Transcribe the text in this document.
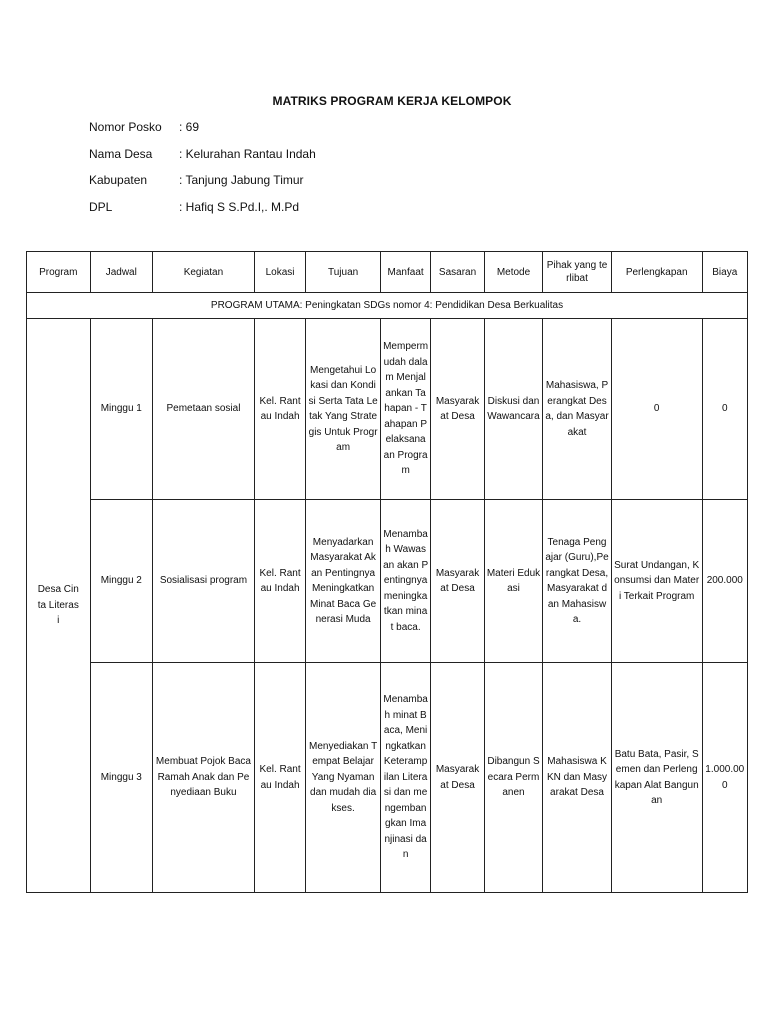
MATRIKS PROGRAM KERJA KELOMPOK
Nomor Posko	: 69
Nama Desa	: Kelurahan Rantau Indah
Kabupaten	: Tanjung Jabung Timur
DPL	: Hafiq S S.Pd.I,. M.Pd
Program	Jadwal	Kegiatan	Lokasi	Tujuan	Manfaat	Sasaran	Metode	Pihak yang terlibat	Perlengkapan	Biaya
PROGRAM UTAMA: Peningkatan SDGs nomor 4: Pendidikan Desa Berkualitas										

Desa Cinta Literasi	Minggu 1	Pemetaan sosial	Kel. Rantau Indah	Mengetahui Lokasi dan Kondisi Serta Tata Letak Yang Strategis Untuk Program	Mempermudah dalam Menjalankan Tahapan - Tahapan Pelaksanaan Program	Masyarakat Desa	Diskusi dan Wawancara	Mahasiswa, Perangkat Desa, dan Masyarakat	0	0
	Minggu 2	Sosialisasi program	Kel. Rantau Indah	Menyadarkan Masyarakat Akan Pentingnya Meningkatkan Minat Baca Generasi Muda	Menambah Wawasan akan Pentingnya meningkatkan minat baca.	Masyarakat Desa	Materi Edukasi	Tenaga Pengajar (Guru),Perangkat Desa, Masyarakat dan Mahasiswa.	Surat Undangan, Konsumsi dan Materi Terkait Program	200.000
	Minggu 3	Membuat Pojok Baca Ramah Anak dan Penyediaan Buku	Kel. Rantau Indah	Menyediakan Tempat Belajar Yang Nyaman dan mudah diakses.	Menambah minat Baca, Meningkatkan Keterampilan Literasi dan mengembangkan Imanjinasi dan	Masyarakat Desa	Dibangun Secara Permanen	Mahasiswa KKN dan Masyarakat Desa	Batu Bata, Pasir, Semen dan Perlengkapan Alat Bangunan	1.000.000
